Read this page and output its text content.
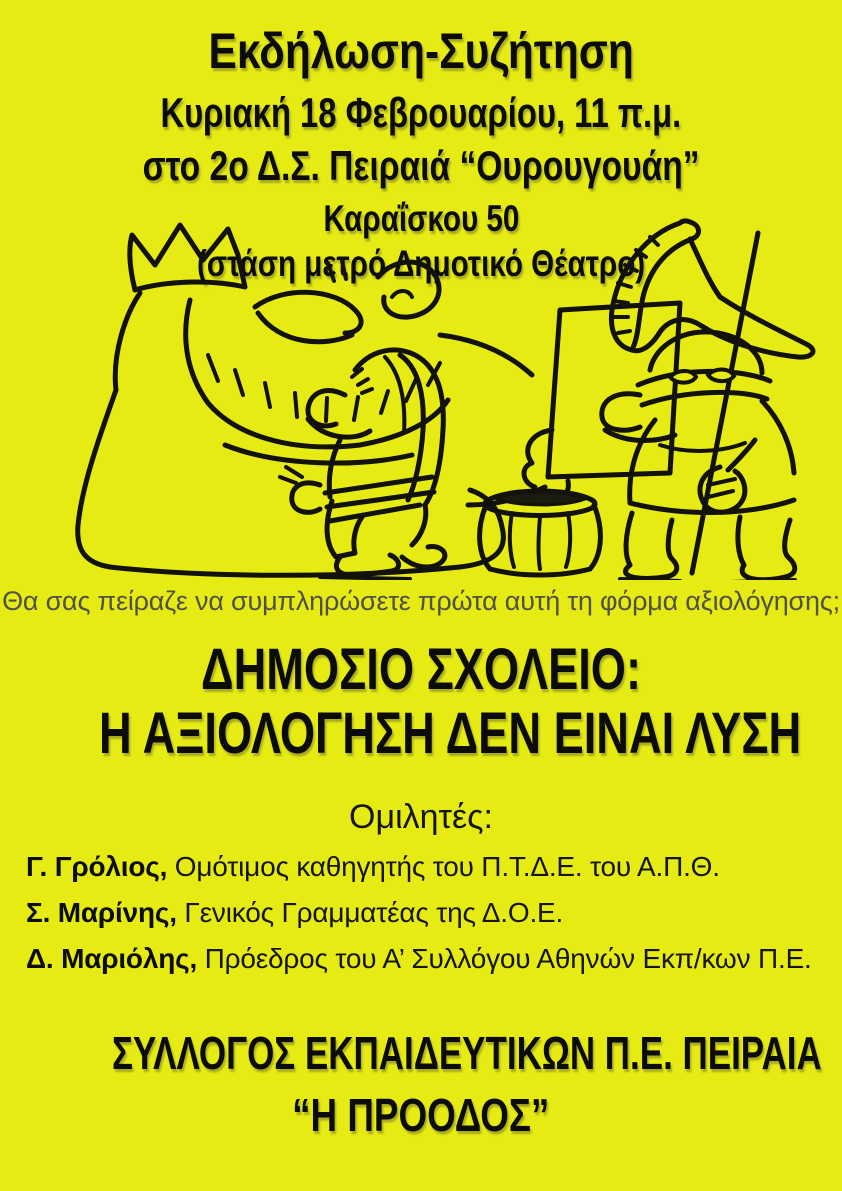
Εκδήλωση-Συζήτηση
Κυριακή 18 Φεβρουαρίου, 11 π.μ.
στο 2ο Δ.Σ. Πειραιά “Ουρουγουάη”
Καραΐσκου 50
(στάση μετρό Δημοτικό Θέατρο)
Θα σας πείραζε να συμπληρώσετε πρώτα αυτή τη φόρμα αξιολόγησης;
ΔΗΜΟΣΙΟ ΣΧΟΛΕΙΟ:
Η ΑΞΙΟΛΟΓΗΣΗ ΔΕΝ ΕΙΝΑΙ ΛΥΣΗ
Ομιλητές:
Γ. Γρόλιος, Ομότιμος καθηγητής του Π.Τ.Δ.Ε. του Α.Π.Θ.
Σ. Μαρίνης, Γενικός Γραμματέας της Δ.Ο.Ε.
Δ. Μαριόλης, Πρόεδρος του Α’ Συλλόγου Αθηνών Εκπ/κων Π.Ε.
ΣΥΛΛΟΓΟΣ ΕΚΠΑΙΔΕΥΤΙΚΩΝ Π.Ε. ΠΕΙΡΑΙΑ
“Η ΠΡΟΟΔΟΣ”
